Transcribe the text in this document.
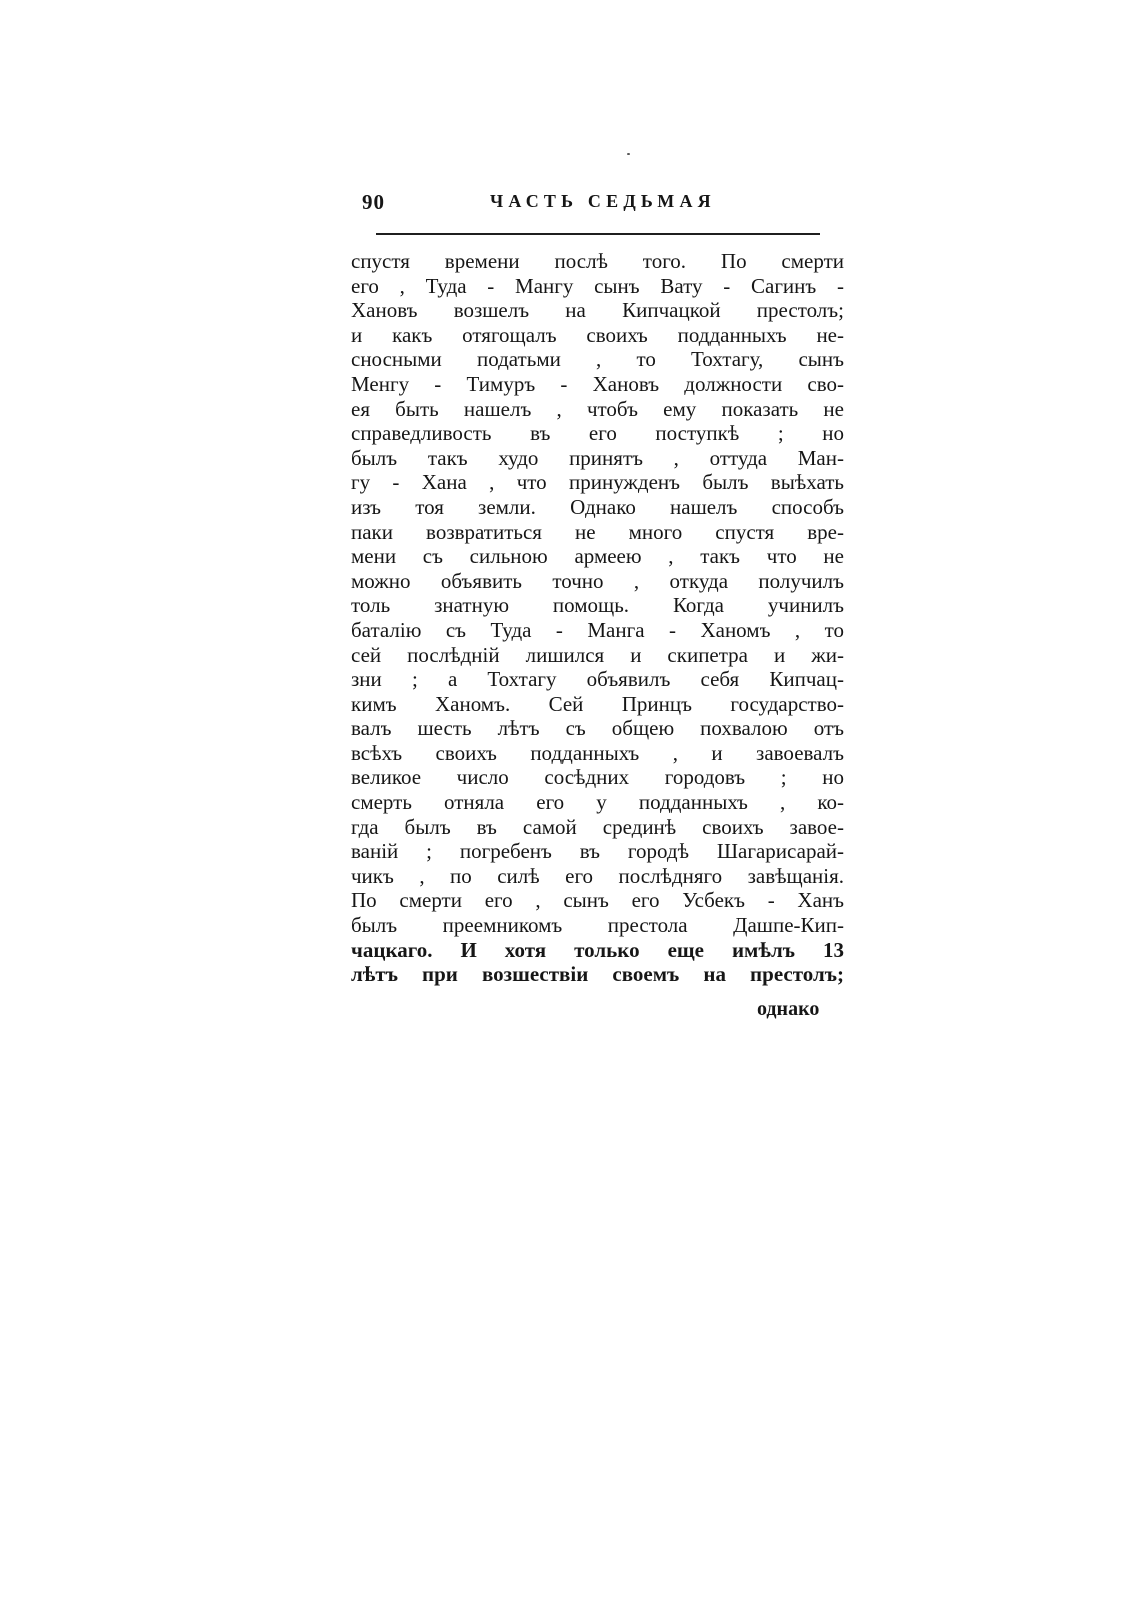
90	ЧАСТЬ СЕДЬМАЯ
спустя времени послѣ того. По смерти
его , Туда - Мангу сынъ Вату - Сагинъ -
Хановъ возшелъ на Кипчацкой престолъ;
и какъ отягощалъ своихъ подданныхъ не-
сносными податьми , то Тохтагу, сынъ
Менгу - Тимуръ - Хановъ должности сво-
ея быть нашелъ , чтобъ ему показать не
справедливость въ его поступкѣ ; но
былъ такъ худо принятъ , оттуда Ман-
гу - Хана , что принужденъ былъ выѣхать
изъ тоя земли. Однако нашелъ способъ
паки возвратиться не много спустя вре-
мени съ сильною армеею , такъ что не
можно объявить точно , откуда получилъ
толь знатную помощь. Когда учинилъ
баталію съ Туда - Манга - Ханомъ , то
сей послѣдній лишился и скипетра и жи-
зни ; а Тохтагу объявилъ себя Кипчац-
кимъ Ханомъ. Сей Принцъ государство-
валъ шесть лѣтъ съ общею похвалою отъ
всѣхъ своихъ подданныхъ , и завоевалъ
великое число сосѣдних городовъ ; но
смерть отняла его у подданныхъ , ко-
гда былъ въ самой срединѣ своихъ завое-
ваній ; погребенъ въ городѣ Шагарисарай-
чикъ , по силѣ его послѣдняго завѣщанія.
По смерти его , сынъ его Усбекъ - Ханъ
былъ преемникомъ престола Дашпе-Кип-
чацкаго. И хотя только еще имѣлъ 13
лѣтъ при возшествіи своемъ на престолъ;
однако
